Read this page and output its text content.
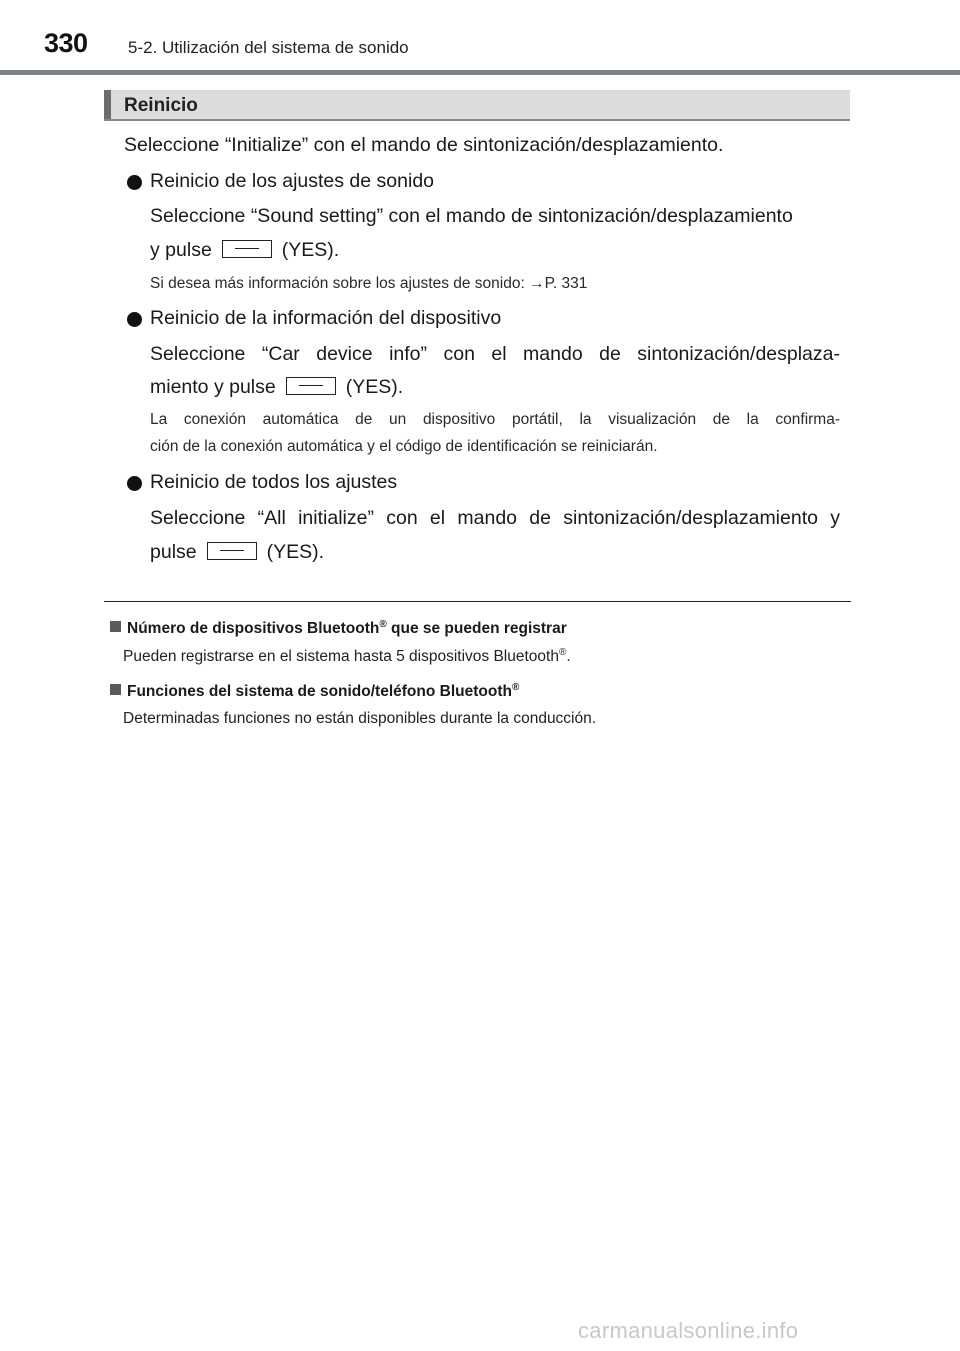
330 5-2. Utilización del sistema de sonido
Reinicio
Seleccione “Initialize” con el mando de sintonización/desplazamiento.
Reinicio de los ajustes de sonido
Seleccione “Sound setting” con el mando de sintonización/desplazamiento
y pulse	(YES).
Si desea más información sobre los ajustes de sonido: →P. 331
Reinicio de la información del dispositivo
Seleccione “Car device info” con el mando de sintonización/desplaza-
miento y pulse	(YES).
La conexión automática de un dispositivo portátil, la visualización de la confirma-
ción de la conexión automática y el código de identificación se reiniciarán.
Reinicio de todos los ajustes
Seleccione “All initialize” con el mando de sintonización/desplazamiento y
pulse	(YES).
Número de dispositivos Bluetooth® que se pueden registrar
Pueden registrarse en el sistema hasta 5 dispositivos Bluetooth®.
Funciones del sistema de sonido/teléfono Bluetooth®
Determinadas funciones no están disponibles durante la conducción.
carmanualsonline.info
